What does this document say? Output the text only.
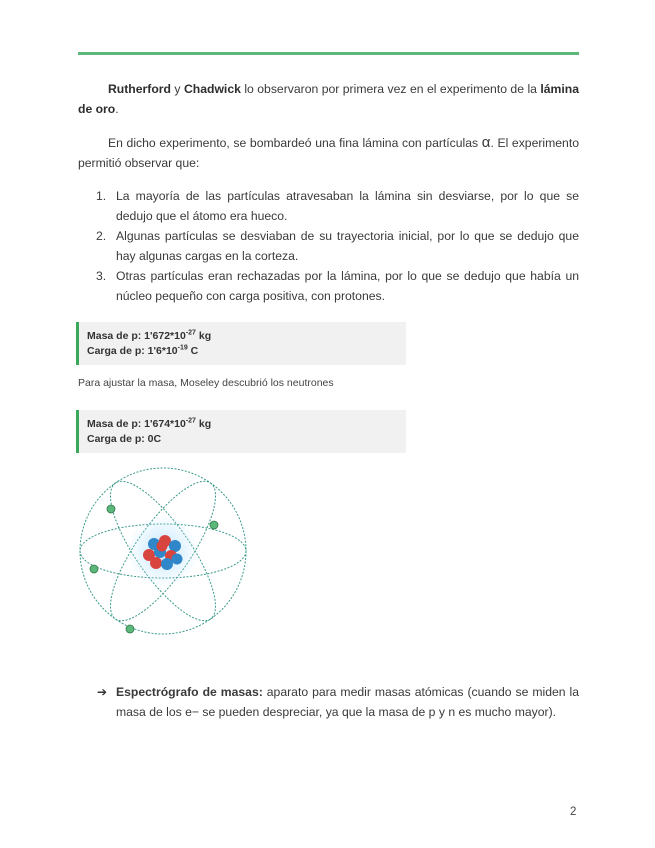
Rutherford y Chadwick lo observaron por primera vez en el experimento de la lámina de oro.

En dicho experimento, se bombardeó una fina lámina con partículas α. El experimento permitió observar que:

1. La mayoría de las partículas atravesaban la lámina sin desviarse, por lo que se dedujo que el átomo era hueco.
2. Algunas partículas se desviaban de su trayectoria inicial, por lo que se dedujo que hay algunas cargas en la corteza.
3. Otras partículas eran rechazadas por la lámina, por lo que se dedujo que había un núcleo pequeño con carga positiva, con protones.
Masa de p: $1'672*10^{-27}$ kg
Carga de p: $1'6*10^{-19}$ C
Para ajustar la masa, Moseley descubrió los neutrones
Masa de p: $1'674*10^{-27}$ kg
Carga de p: 0C
➔ Espectrógrafo de masas: aparato para medir masas atómicas (cuando se miden la masa de los e− se pueden despreciar, ya que la masa de p y n es mucho mayor).
2
